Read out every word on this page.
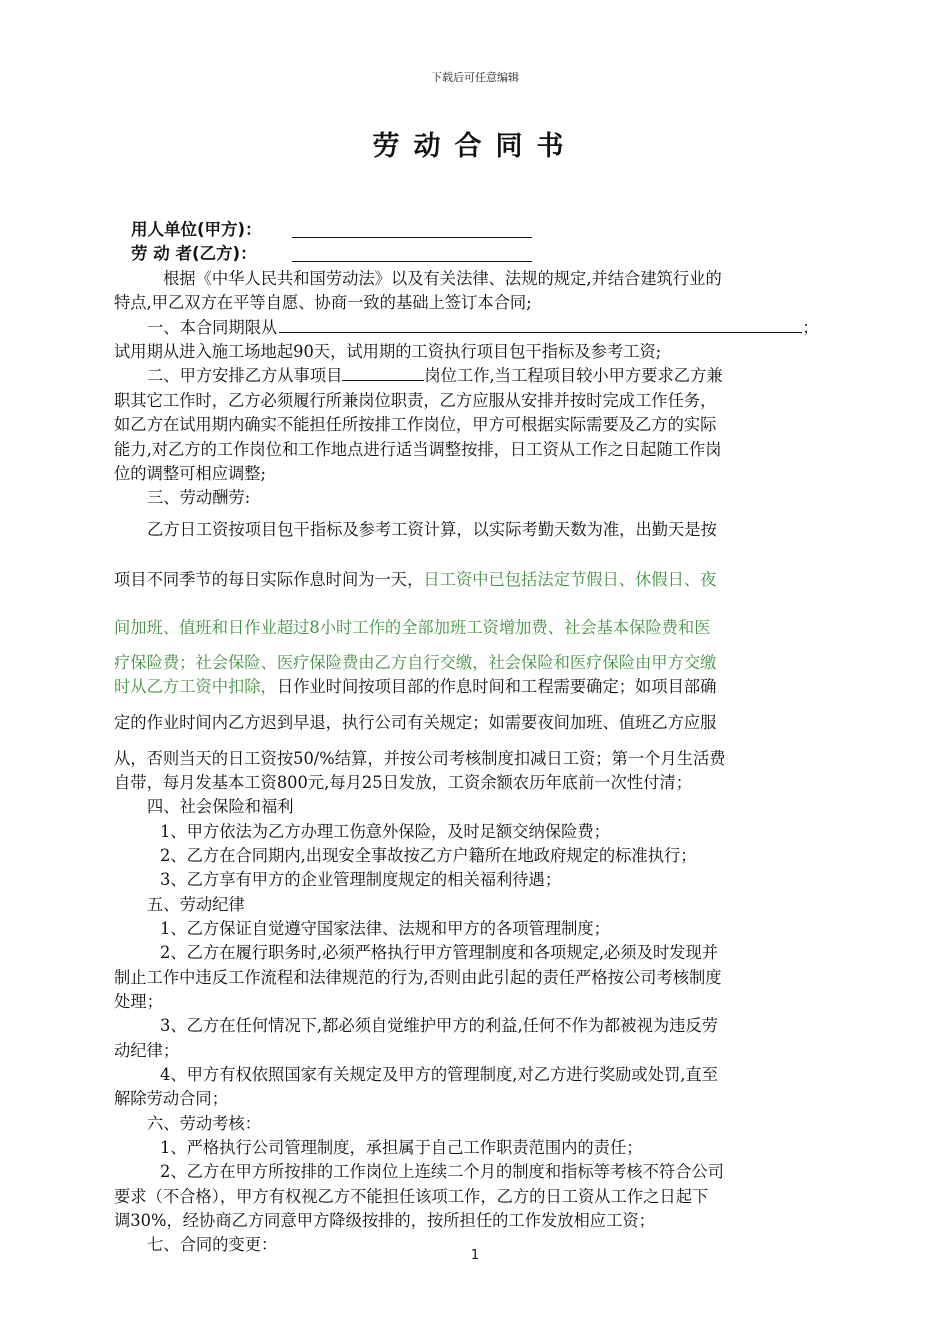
下载后可任意编辑
劳动合同书
用人单位(甲方)：
劳 动 者(乙方)：
根据《中华人民共和国劳动法》以及有关法律、法规的规定,并结合建筑行业的
特点,甲乙双方在平等自愿、协商一致的基础上签订本合同;
一、本合同期限从	；
试用期从进入施工场地起90天，试用期的工资执行项目包干指标及参考工资;
二、甲方安排乙方从事项目	岗位工作,当工程项目较小甲方要求乙方兼
职其它工作时，乙方必须履行所兼岗位职责，乙方应服从安排并按时完成工作任务，
如乙方在试用期内确实不能担任所按排工作岗位，甲方可根据实际需要及乙方的实际
能力,对乙方的工作岗位和工作地点进行适当调整按排，日工资从工作之日起随工作岗
位的调整可相应调整;
三、劳动酬劳:
乙方日工资按项目包干指标及参考工资计算，以实际考勤天数为准，出勤天是按
项目不同季节的每日实际作息时间为一天，日工资中已包括法定节假日、休假日、夜
间加班、值班和日作业超过8小时工作的全部加班工资增加费、社会基本保险费和医
疗保险费；社会保险、医疗保险费由乙方自行交缴，社会保险和医疗保险由甲方交缴
时从乙方工资中扣除，日作业时间按项目部的作息时间和工程需要确定；如项目部确
定的作业时间内乙方迟到早退，执行公司有关规定；如需要夜间加班、值班乙方应服
从，否则当天的日工资按50/%结算，并按公司考核制度扣减日工资；第一个月生活费
自带，每月发基本工资800元,每月25日发放，工资余额农历年底前一次性付清；
四、社会保险和福利
1、甲方依法为乙方办理工伤意外保险，及时足额交纳保险费；
2、乙方在合同期内,出现安全事故按乙方户籍所在地政府规定的标准执行；
3、乙方享有甲方的企业管理制度规定的相关福利待遇；
五、劳动纪律
1、乙方保证自觉遵守国家法律、法规和甲方的各项管理制度；
2、乙方在履行职务时,必须严格执行甲方管理制度和各项规定,必须及时发现并
制止工作中违反工作流程和法律规范的行为,否则由此引起的责任严格按公司考核制度
处理；
3、乙方在任何情况下,都必须自觉维护甲方的利益,任何不作为都被视为违反劳
动纪律；
4、甲方有权依照国家有关规定及甲方的管理制度,对乙方进行奖励或处罚,直至
解除劳动合同；
六、劳动考核：
1、严格执行公司管理制度，承担属于自己工作职责范围内的责任；
2、乙方在甲方所按排的工作岗位上连续二个月的制度和指标等考核不符合公司
要求（不合格），甲方有权视乙方不能担任该项工作，乙方的日工资从工作之日起下
调30%，经协商乙方同意甲方降级按排的，按所担任的工作发放相应工资；
七、合同的变更：
1
